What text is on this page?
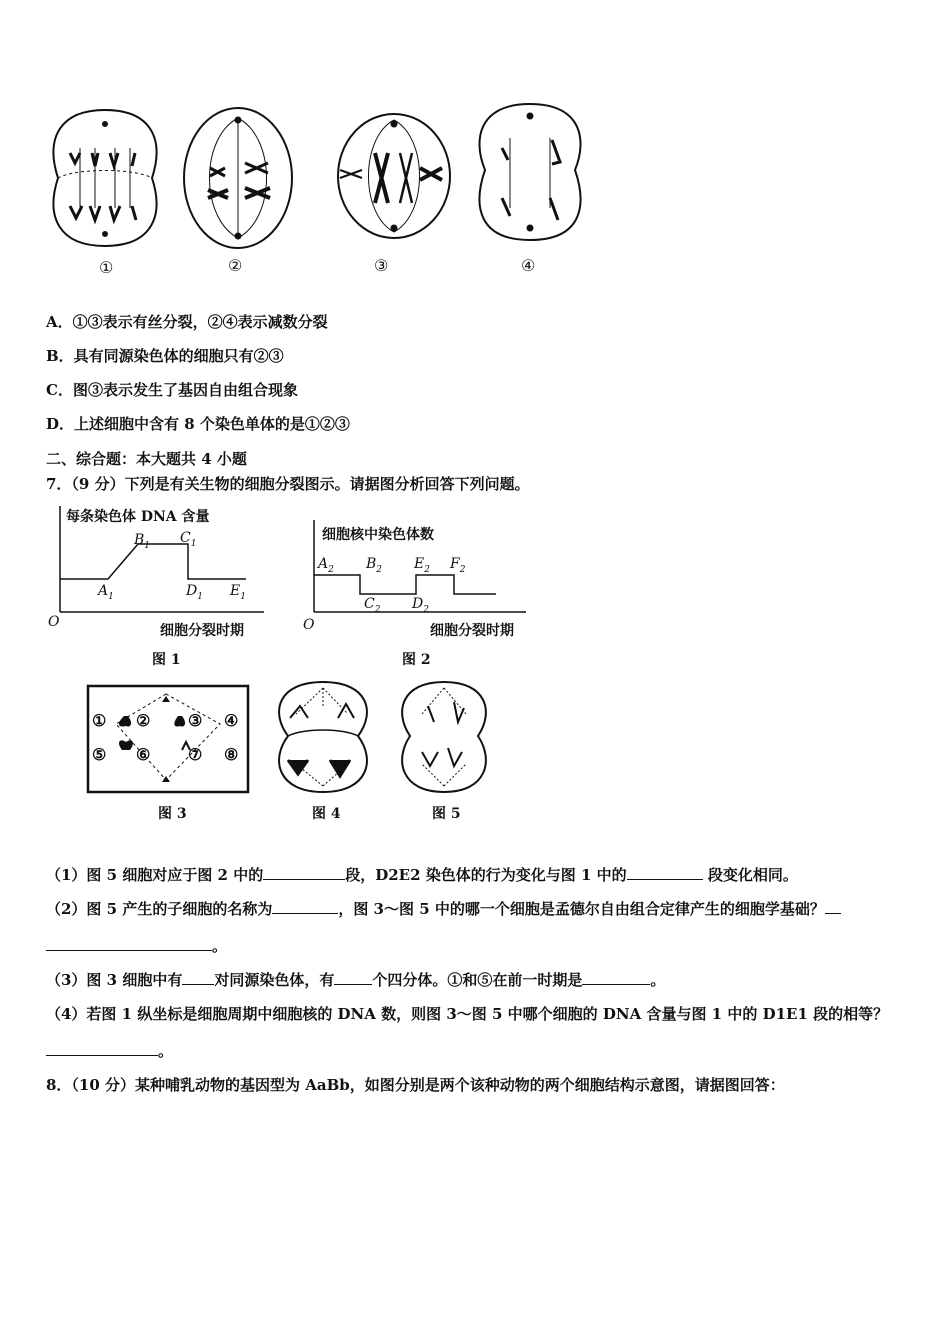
①	②	③	④
A．①③表示有丝分裂，②④表示减数分裂
B．具有同源染色体的细胞只有②③
C．图③表示发生了基因自由组合现象
D．上述细胞中含有 8 个染色单体的是①②③
二、综合题：本大题共 4 小题
7．（9 分）下列是有关生物的细胞分裂图示。请据图分析回答下列问题。
每条染色体 DNA 含量
O
细胞分裂时期
$A_1$
$B_1$ $C_1$
$D_1$ $E_1$
图 1
细胞核中染色体数
O	细胞分裂时期
$A_2$ $B_2$
$C_2$ $D_2$
$E_2$ $F_2$
图 2
① ② ③ ④
⑤ ⑥ ⑦ ⑧
图 3	图 4	图 5
（1）图 5 细胞对应于图 2 中的	段，D2E2 染色体的行为变化与图 1 中的	段变化相同。
（2）图 5 产生的子细胞的名称为	，图 3～图 5 中的哪一个细胞是孟德尔自由组合定律产生的细胞学基础？
。
（3）图 3 细胞中有 对同源染色体，有	个四分体。①和⑤在前一时期是	。
（4）若图 1 纵坐标是细胞周期中细胞核的 DNA 数，则图 3～图 5 中哪个细胞的 DNA 含量与图 1 中的 D1E1 段的相等？
。
8．（10 分）某种哺乳动物的基因型为 AaBb，如图分别是两个该种动物的两个细胞结构示意图，请据图回答：
